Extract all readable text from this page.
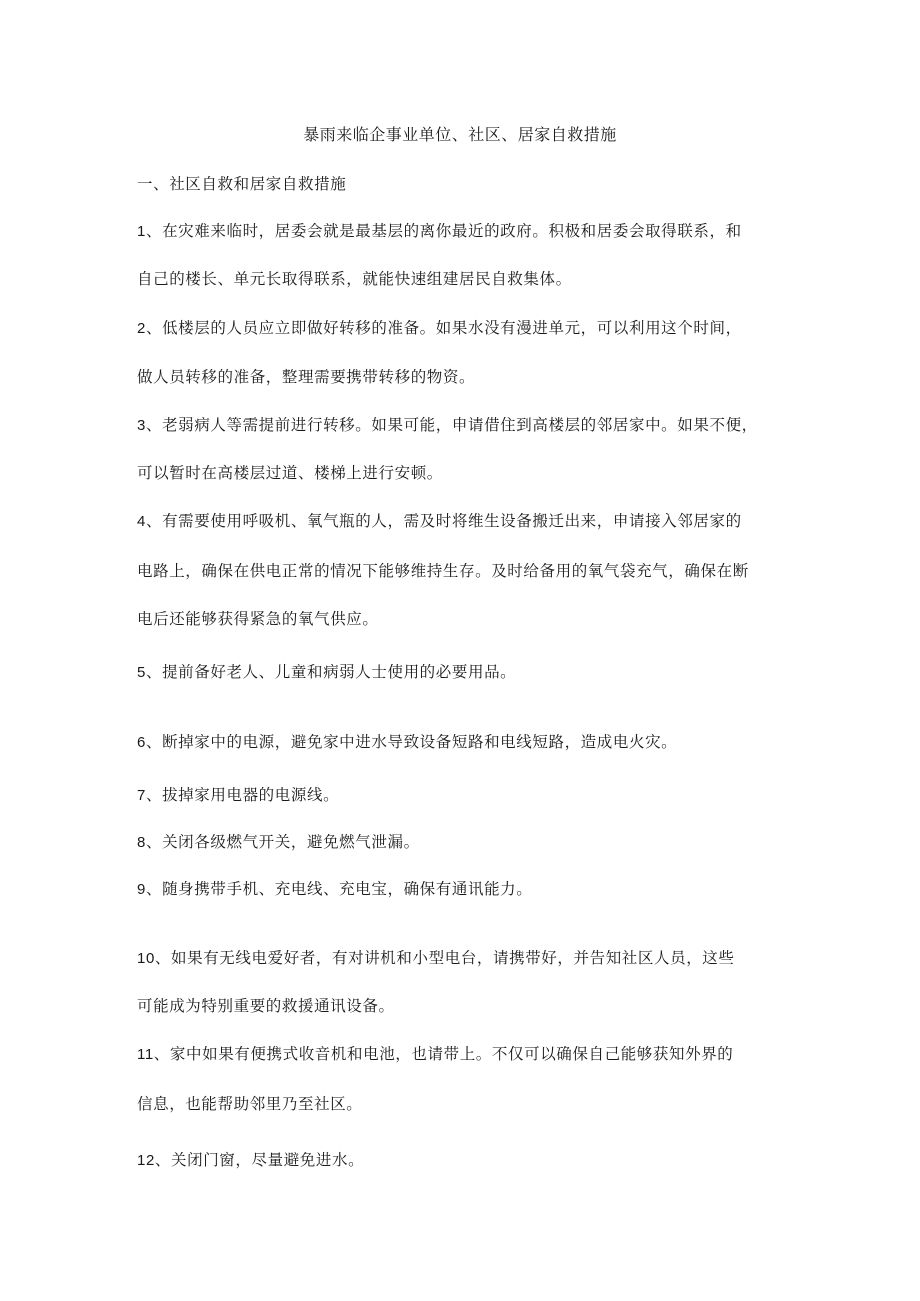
暴雨来临企事业单位、社区、居家自救措施
一、社区自救和居家自救措施
1、在灾难来临时，居委会就是最基层的离你最近的政府。积极和居委会取得联系，和
自己的楼长、单元长取得联系，就能快速组建居民自救集体。
2、低楼层的人员应立即做好转移的准备。如果水没有漫进单元，可以利用这个时间，
做人员转移的准备，整理需要携带转移的物资。
3、老弱病人等需提前进行转移。如果可能，申请借住到高楼层的邻居家中。如果不便，
可以暂时在高楼层过道、楼梯上进行安顿。
4、有需要使用呼吸机、氧气瓶的人，需及时将维生设备搬迁出来，申请接入邻居家的
电路上，确保在供电正常的情况下能够维持生存。及时给备用的氧气袋充气，确保在断
电后还能够获得紧急的氧气供应。
5、提前备好老人、儿童和病弱人士使用的必要用品。
6、断掉家中的电源，避免家中进水导致设备短路和电线短路，造成电火灾。
7、拔掉家用电器的电源线。
8、关闭各级燃气开关，避免燃气泄漏。
9、随身携带手机、充电线、充电宝，确保有通讯能力。
10、如果有无线电爱好者，有对讲机和小型电台，请携带好，并告知社区人员，这些
可能成为特别重要的救援通讯设备。
11、家中如果有便携式收音机和电池，也请带上。不仅可以确保自己能够获知外界的
信息，也能帮助邻里乃至社区。
12、关闭门窗，尽量避免进水。
